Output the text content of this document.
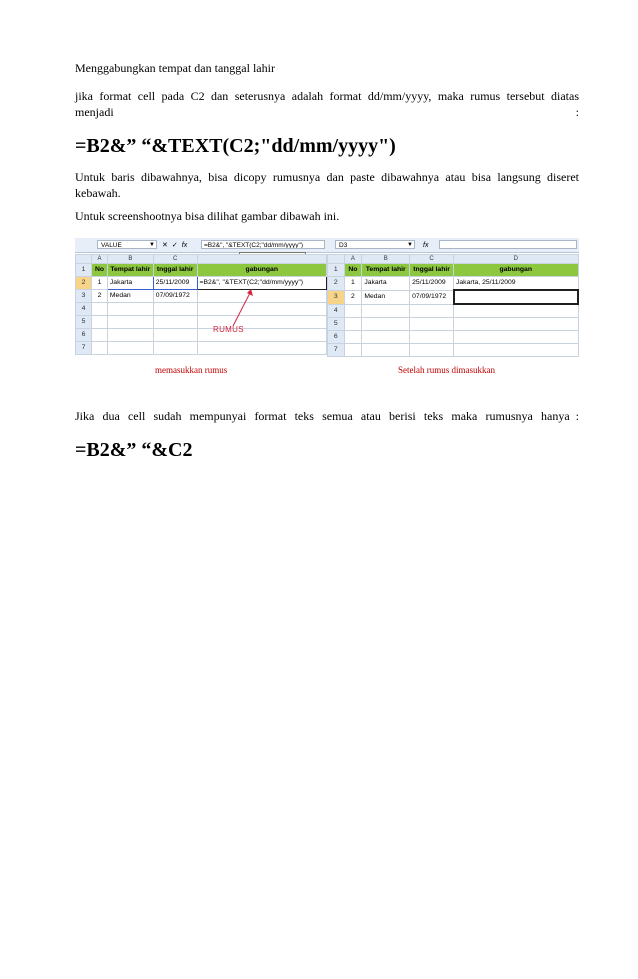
Menggabungkan tempat dan tanggal lahir
jika format cell pada C2 dan seterusnya adalah format dd/mm/yyyy, maka rumus tersebut diatas
menjadi	:
=B2&” “&TEXT(C2;"dd/mm/yyyy")
Untuk baris dibawahnya, bisa dicopy rumusnya dan paste dibawahnya atau bisa langsung diseret kebawah.
Untuk screenshootnya bisa dilihat gambar dibawah ini.
VALUE	▼ ✕ ✓ fx	=B2&", "&TEXT(C2;"dd/mm/yyyy")
	A	B	C	
1	No	Tempat lahir	tnggal lahir	gabungan
2	1	Jakarta	25/11/2009	=B2&", "&TEXT(C2;"dd/mm/yyyy")
3	2	Medan	07/09/1972	
4				
5				
6				
7				
RUMUS
D3	▼ fx
	A	B	C	D
1	No	Tempat lahir	tnggal lahir	gabungan
2	1	Jakarta	25/11/2009	Jakarta, 25/11/2009
3	2	Medan	07/09/1972	
4				
5				
6				
7				
memasukkan rumus	Setelah rumus dimasukkan
Jika dua cell sudah mempunyai format teks semua atau berisi teks maka rumusnya hanya :
=B2&” “&C2
